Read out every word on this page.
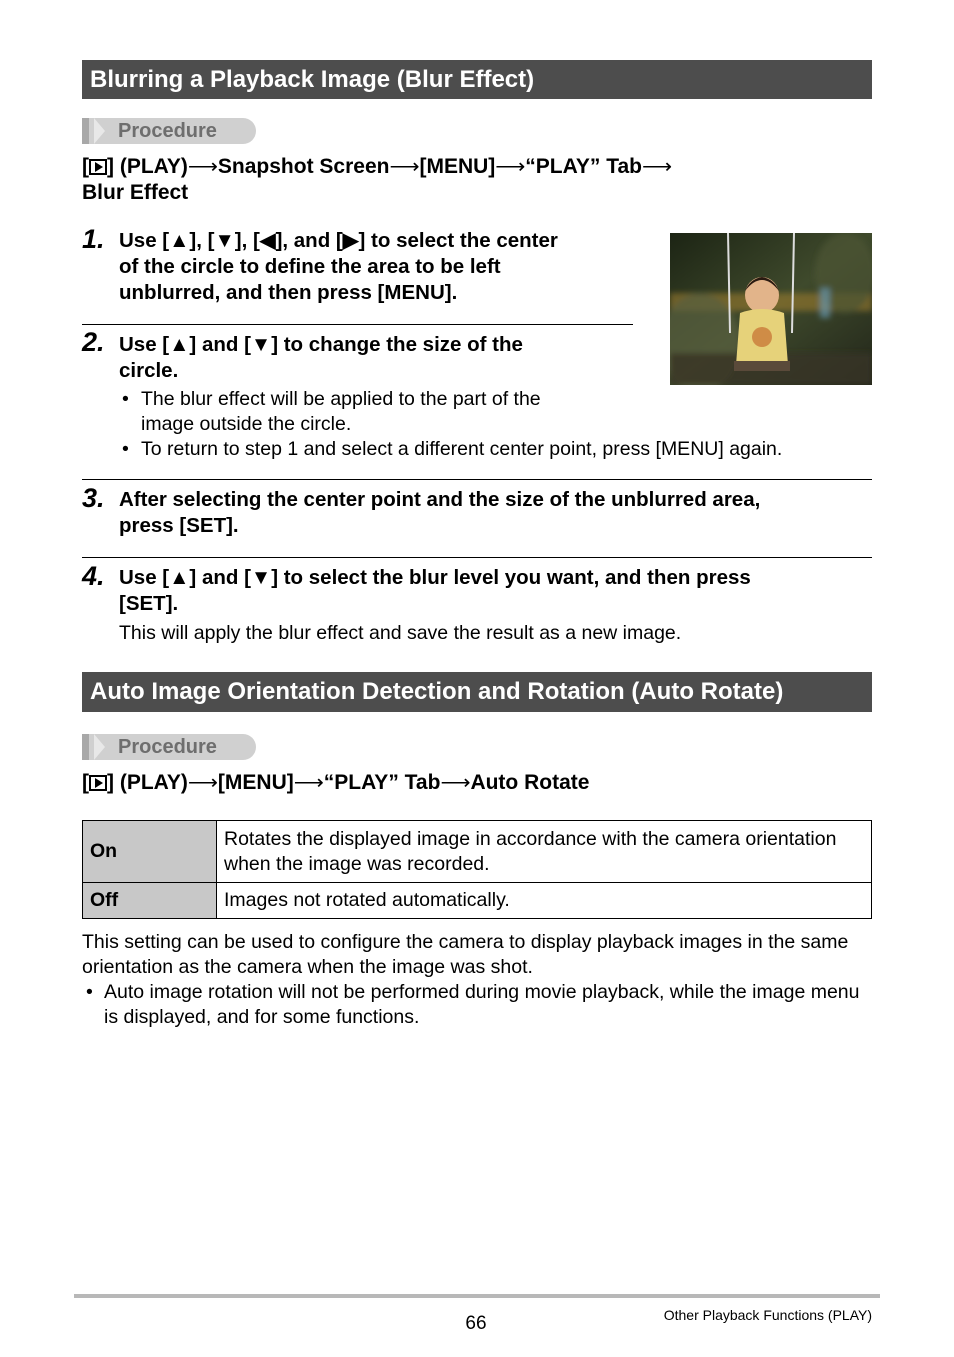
Blurring a Playback Image (Blur Effect)
Procedure
[ ] (PLAY)⟶Snapshot Screen⟶[MENU]⟶“PLAY” Tab⟶
Blur Effect
1. Use [▲], [▼], [◀], and [▶] to select the center
of the circle to define the area to be left
unblurred, and then press [MENU].
2. Use [▲] and [▼] to change the size of the
circle.
• The blur effect will be applied to the part of the image outside the circle.
• To return to step 1 and select a different center point, press [MENU] again.
3. After selecting the center point and the size of the unblurred area,
press [SET].
4. Use [▲] and [▼] to select the blur level you want, and then press
[SET].
This will apply the blur effect and save the result as a new image.
Auto Image Orientation Detection and Rotation (Auto Rotate)
Procedure
[ ] (PLAY)⟶[MENU]⟶“PLAY” Tab⟶Auto Rotate
On	Rotates the displayed image in accordance with the camera orientation when the image was recorded.
Off	Images not rotated automatically.
This setting can be used to configure the camera to display playback images in the same orientation as the camera when the image was shot.
• Auto image rotation will not be performed during movie playback, while the image menu is displayed, and for some functions.
66	Other Playback Functions (PLAY)
